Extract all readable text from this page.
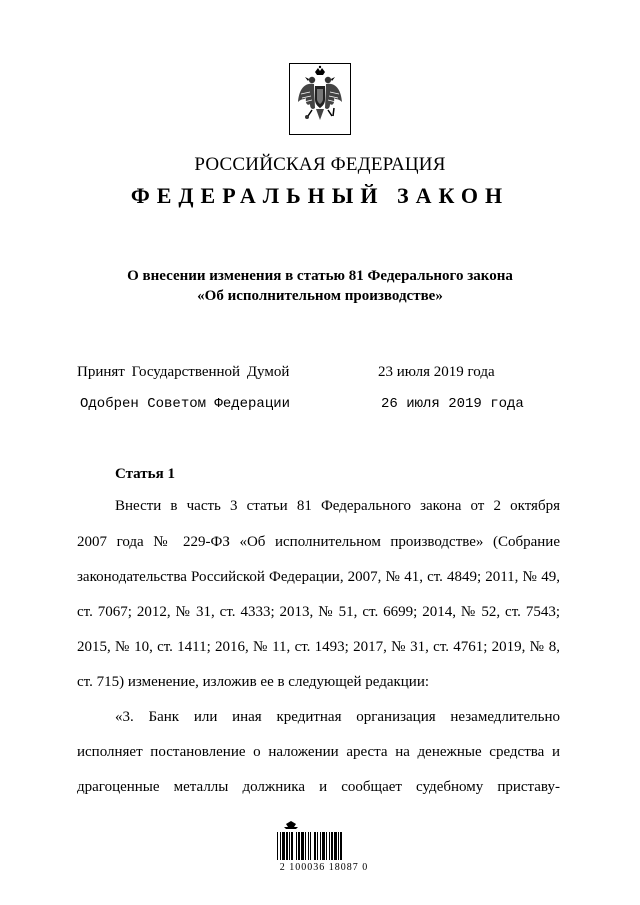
РОССИЙСКАЯ ФЕДЕРАЦИЯ
ФЕДЕРАЛЬНЫЙ ЗАКОН
О внесении изменения в статью 81 Федерального закона
«Об исполнительном производстве»
Принят Государственной Думой	23 июля 2019 года
Одобрен Советом Федерации	26 июля 2019 года
Статья 1
Внести в часть 3 статьи 81 Федерального закона от 2 октября
2007 года № 229-ФЗ «Об исполнительном производстве» (Собрание
законодательства Российской Федерации, 2007, № 41, ст. 4849; 2011, № 49,
ст. 7067; 2012, № 31, ст. 4333; 2013, № 51, ст. 6699; 2014, № 52, ст. 7543;
2015, № 10, ст. 1411; 2016, № 11, ст. 1493; 2017, № 31, ст. 4761; 2019, № 8,
ст. 715) изменение, изложив ее в следующей редакции:
«3. Банк или иная кредитная организация незамедлительно
исполняет постановление о наложении ареста на денежные средства и
драгоценные металлы должника и сообщает судебному приставу-
2 100036 18087 0
